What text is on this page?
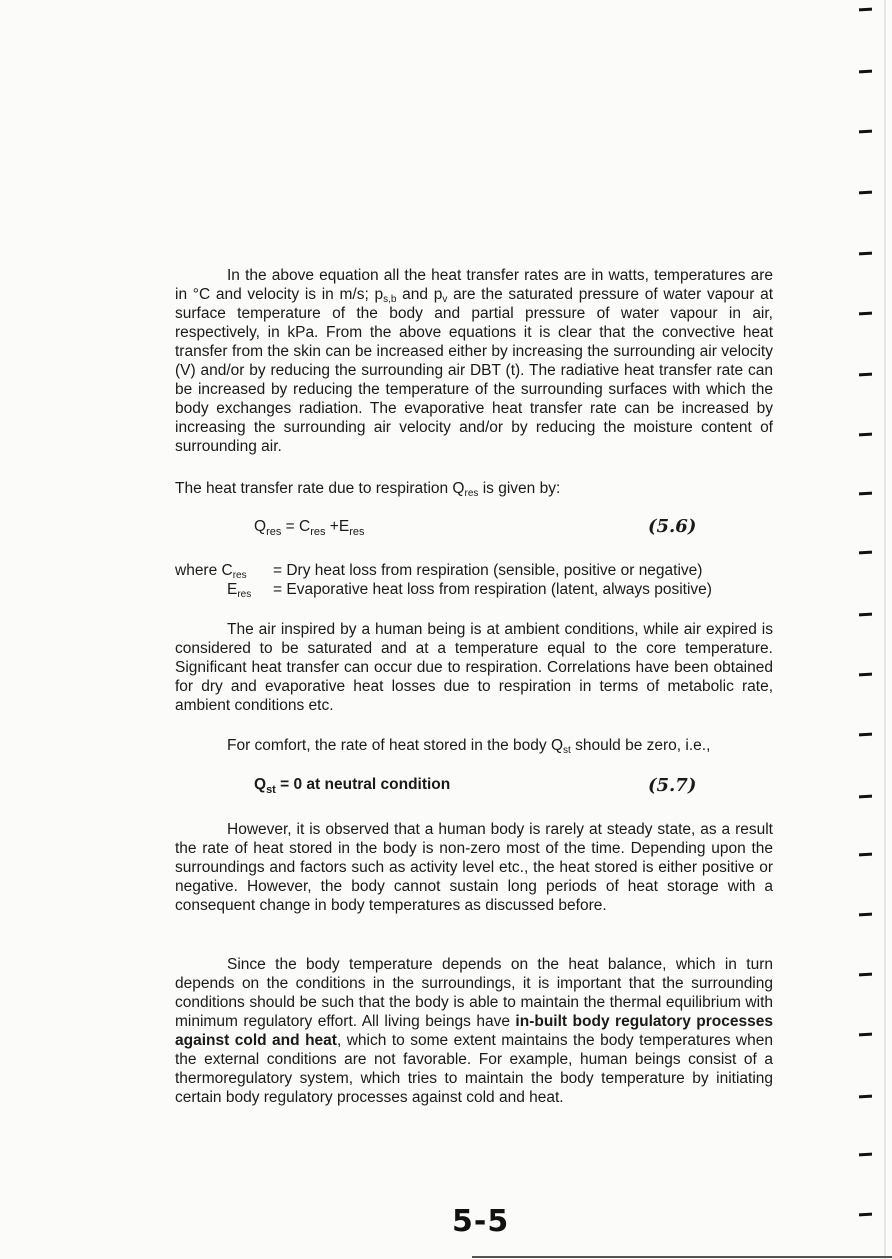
In the above equation all the heat transfer rates are in watts, temperatures are in °C and velocity is in m/s; $p_{s,b}$ and $p_v$ are the saturated pressure of water vapour at surface temperature of the body and partial pressure of water vapour in air, respectively, in kPa. From the above equations it is clear that the convective heat transfer from the skin can be increased either by increasing the surrounding air velocity (V) and/or by reducing the surrounding air DBT (t). The radiative heat transfer rate can be increased by reducing the temperature of the surrounding surfaces with which the body exchanges radiation. The evaporative heat transfer rate can be increased by increasing the surrounding air velocity and/or by reducing the moisture content of surrounding air.

The heat transfer rate due to respiration $Q_{res}$ is given by:

$Q_{res} = C_{res} +E_{res}$	(5.6)
where $C_{res}$	= Dry heat loss from respiration (sensible, positive or negative)
$E_{res}$	= Evaporative heat loss from respiration (latent, always positive)

The air inspired by a human being is at ambient conditions, while air expired is considered to be saturated and at a temperature equal to the core temperature. Significant heat transfer can occur due to respiration. Correlations have been obtained for dry and evaporative heat losses due to respiration in terms of metabolic rate, ambient conditions etc.

For comfort, the rate of heat stored in the body $Q_{st}$ should be zero, i.e.,

$Q_{st} = 0$ at neutral condition	(5.7)

However, it is observed that a human body is rarely at steady state, as a result the rate of heat stored in the body is non-zero most of the time. Depending upon the surroundings and factors such as activity level etc., the heat stored is either positive or negative. However, the body cannot sustain long periods of heat storage with a consequent change in body temperatures as discussed before.

Since the body temperature depends on the heat balance, which in turn depends on the conditions in the surroundings, it is important that the surrounding conditions should be such that the body is able to maintain the thermal equilibrium with minimum regulatory effort. All living beings have in-built body regulatory processes against cold and heat, which to some extent maintains the body temperatures when the external conditions are not favorable. For example, human beings consist of a thermoregulatory system, which tries to maintain the body temperature by initiating certain body regulatory processes against cold and heat.

5-5
